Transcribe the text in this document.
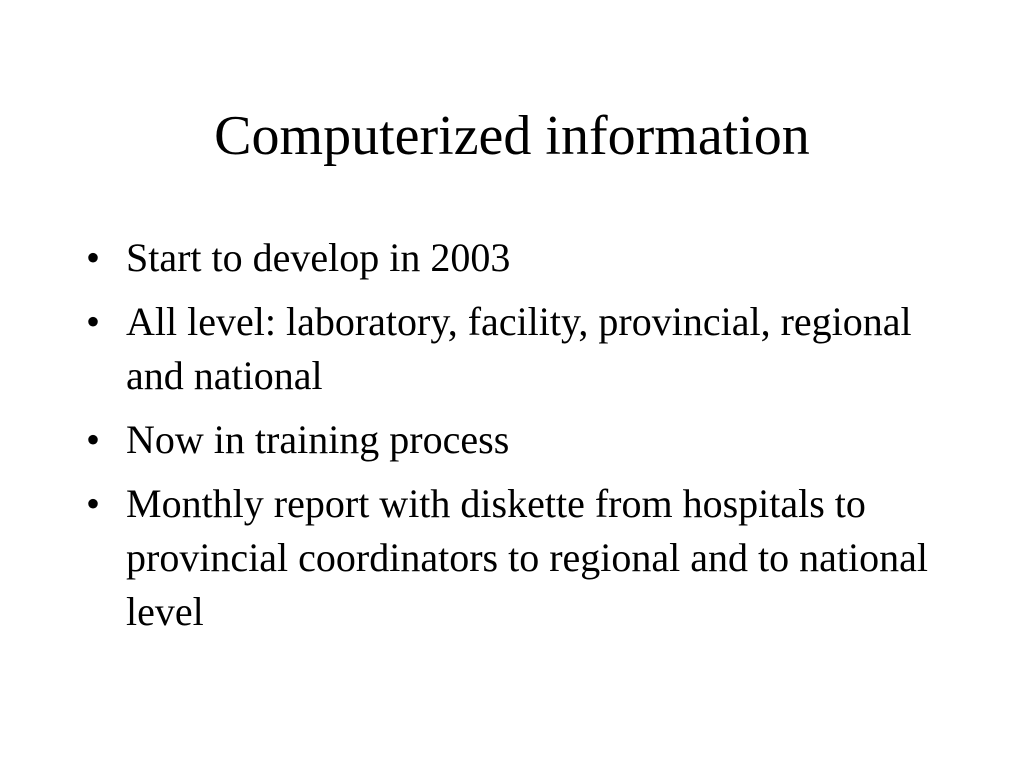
Computerized information
• Start to develop in 2003
• All level: laboratory, facility, provincial, regional and national
• Now in training process
• Monthly report with diskette from hospitals to provincial coordinators to regional and to national level
